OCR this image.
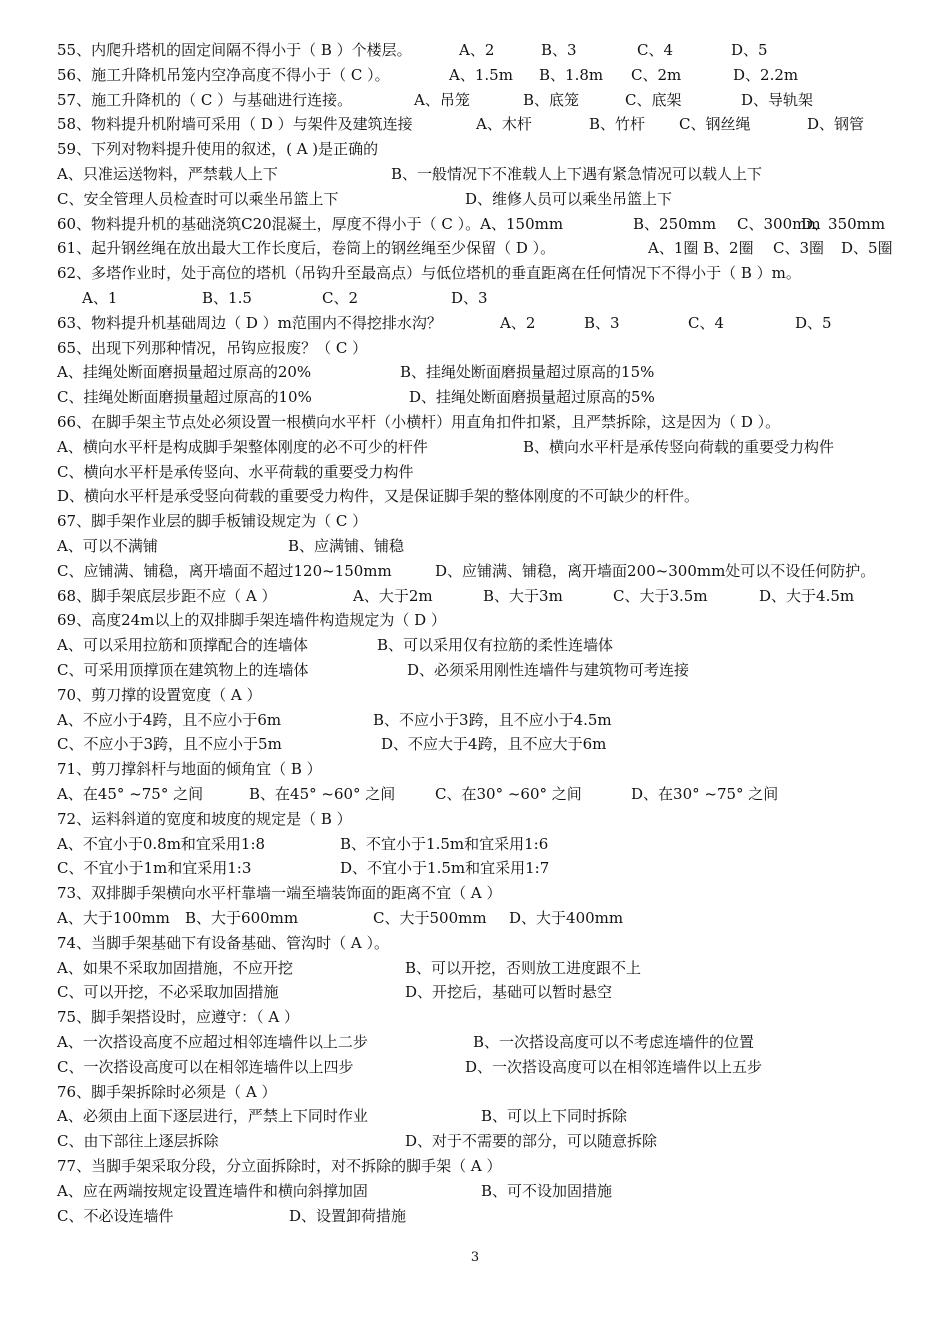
55、内爬升塔机的固定间隔不得小于（ B ）个楼层。	A、2	B、3	C、4	D、5
56、施工升降机吊笼内空净高度不得小于（ C ）。	A、1.5m B、1.8m C、2m	D、2.2m
57、施工升降机的（ C ）与基础进行连接。	A、吊笼	B、底笼	C、底架	D、导轨架
58、物料提升机附墙可采用（ D ）与架件及建筑连接	A、木杆	B、竹杆 C、钢丝绳	D、钢管
59、下列对物料提升使用的叙述，( A )是正确的
A、只准运送物料，严禁载人上下	B、一般情况下不准载人上下遇有紧急情况可以载人上下
C、安全管理人员检查时可以乘坐吊篮上下	D、维修人员可以乘坐吊篮上下
60、物料提升机的基础浇筑C20混凝土，厚度不得小于（ C ）。A、150mm	B、250mm C、300mm
D、350mm
61、起升钢丝绳在放出最大工作长度后，卷筒上的钢丝绳至少保留（ D ）。	A、1圈 B、2圈 C、3圈 D、5圈
62、多塔作业时，处于高位的塔机（吊钩升至最高点）与低位塔机的垂直距离在任何情况下不得小于（ B ）m。
A、1	B、1.5	C、2	D、3
63、物料提升机基础周边（ D ）m范围内不得挖排水沟？	A、2	B、3	C、4	D、5
65、出现下列那种情况，吊钩应报废？（ C ）
A、挂绳处断面磨损量超过原高的20%	B、挂绳处断面磨损量超过原高的15%
C、挂绳处断面磨损量超过原高的10%	D、挂绳处断面磨损量超过原高的5%
66、在脚手架主节点处必须设置一根横向水平杆（小横杆）用直角扣件扣紧，且严禁拆除，这是因为（ D ）。
A、横向水平杆是构成脚手架整体刚度的必不可少的杆件	B、横向水平杆是承传竖向荷载的重要受力构件
C、横向水平杆是承传竖向、水平荷载的重要受力构件
D、横向水平杆是承受竖向荷载的重要受力构件，又是保证脚手架的整体刚度的不可缺少的杆件。
67、脚手架作业层的脚手板铺设规定为（ C ）
A、可以不满铺	B、应满铺、铺稳
C、应铺满、铺稳，离开墙面不超过120~150mm	D、应铺满、铺稳，离开墙面200~300mm处可以不设任何防护。
68、脚手架底层步距不应（ A ）	A、大于2m	B、大于3m	C、大于3.5m	D、大于4.5m
69、高度24m以上的双排脚手架连墙件构造规定为（ D ）
A、可以采用拉筋和顶撑配合的连墙体	B、可以采用仅有拉筋的柔性连墙体
C、可采用顶撑顶在建筑物上的连墙体	D、必须采用刚性连墙件与建筑物可考连接
70、剪刀撑的设置宽度（ A ）
A、不应小于4跨，且不应小于6m	B、不应小于3跨，且不应小于4.5m
C、不应小于3跨，且不应小于5m	D、不应大于4跨，且不应大于6m
71、剪刀撑斜杆与地面的倾角宜（ B ）
A、在45° ~75° 之间	B、在45° ~60° 之间	C、在30° ~60° 之间	D、在30° ~75° 之间
72、运料斜道的宽度和坡度的规定是（ B ）
A、不宜小于0.8m和宜采用1:8	B、不宜小于1.5m和宜采用1:6
C、不宜小于1m和宜采用1:3	D、不宜小于1.5m和宜采用1:7
73、双排脚手架横向水平杆靠墙一端至墙装饰面的距离不宜（ A ）
A、大于100mm B、大于600mm	C、大于500mm D、大于400mm
74、当脚手架基础下有设备基础、管沟时（ A ）。
A、如果不采取加固措施，不应开挖	B、可以开挖，否则放工进度跟不上
C、可以开挖，不必采取加固措施	D、开挖后，基础可以暂时悬空
75、脚手架搭设时，应遵守：（ A ）
A、一次搭设高度不应超过相邻连墙件以上二步	B、一次搭设高度可以不考虑连墙件的位置
C、一次搭设高度可以在相邻连墙件以上四步	D、一次搭设高度可以在相邻连墙件以上五步
76、脚手架拆除时必须是（ A ）
A、必须由上面下逐层进行，严禁上下同时作业	B、可以上下同时拆除
C、由下部往上逐层拆除	D、对于不需要的部分，可以随意拆除
77、当脚手架采取分段，分立面拆除时，对不拆除的脚手架（ A ）
A、应在两端按规定设置连墙件和横向斜撑加固	B、可不设加固措施
C、不必设连墙件	D、设置卸荷措施
3
